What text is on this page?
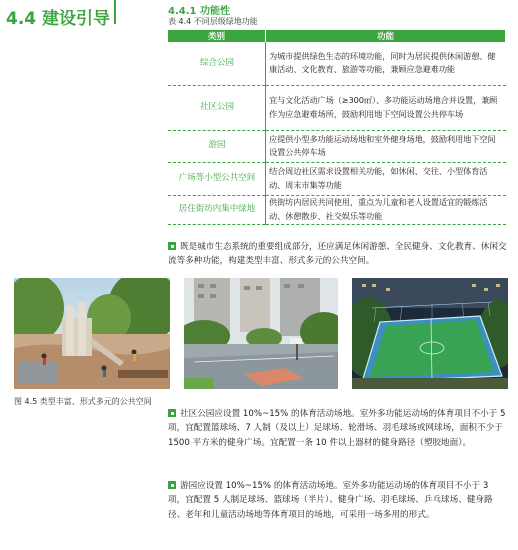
4.4 建设引导	4.4.1 功能性
表 4.4 不同层级绿地功能
类别	功能
综合公园	为城市提供绿色生态的环境功能，同时为居民提供休闲游憩、健康活动、文化教育、旅游等功能，兼顾应急避难功能
社区公园	宜与文化活动广场（≥300㎡）、多功能运动场地合并设置，兼顾作为应急避难场所，鼓励利用地下空间设置公共停车场
游园	应提供小型多功能运动场地和室外健身场地，鼓励利用地下空间设置公共停车场
广场等小型公共空间	结合周边社区需求设置相关功能，如休闲、交往、小型体育活动、周末市集等功能
居住街坊内集中绿地	供街坊内居民共同使用，重点为儿童和老人设置适宜的锻炼活动、休憩散步、社交娱乐等功能
既是城市生态系统的重要组成部分，还应满足休闲游憩、全民健身、文化教育、休闲交流等多种功能，构建类型丰富、形式多元的公共空间。
图 4.5 类型丰富、形式多元的公共空间
社区公园应设置 10%~15% 的体育活动场地。室外多功能运动场的体育项目不小于 5 项，宜配置篮球场、7 人制（及以上）足球场、轮滑场、羽毛球场或网球场，面积不少于 1500 平方米的健身广场。宜配置一条 10 件以上器材的健身路径（塑胶地面）。
游园应设置 10%~15% 的体育活动场地。室外多功能运动场的体育项目不小于 3 项，宜配置 5 人制足球场、篮球场（半片）、健身广场、羽毛球场、乒乓球场、健身路径、老年和儿童活动场地等体育项目的场地，可采用一场多用的形式。
